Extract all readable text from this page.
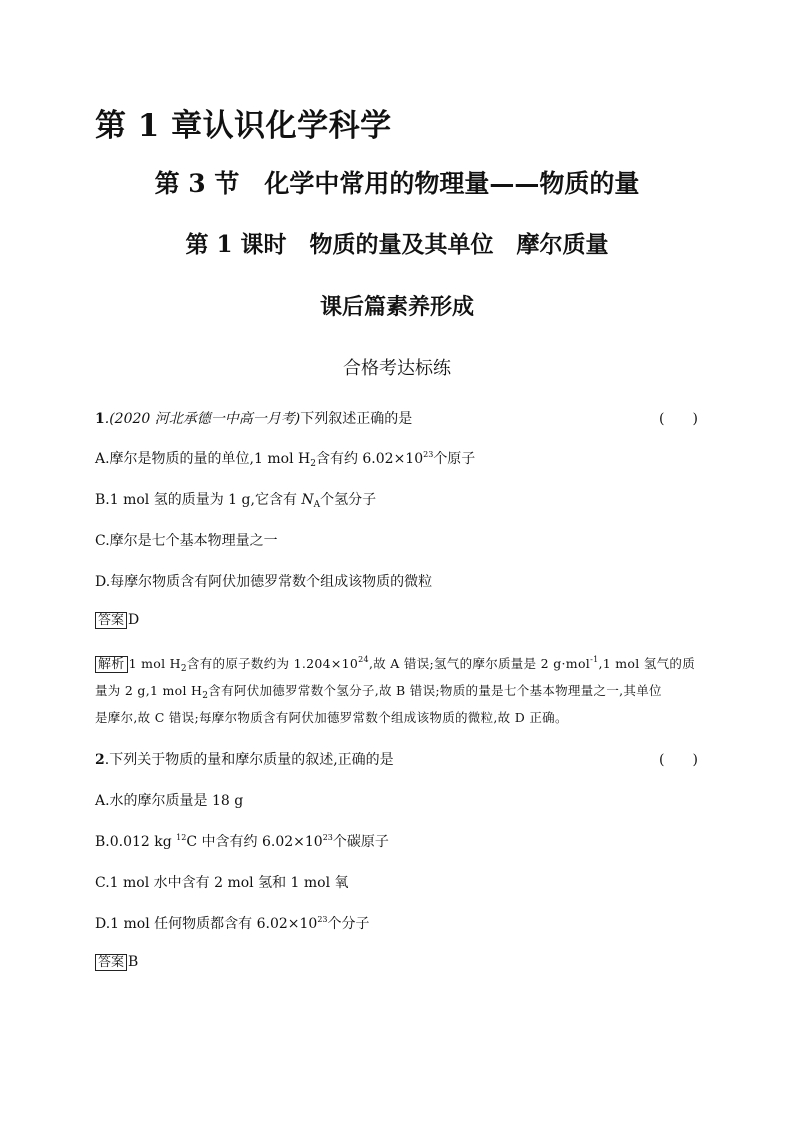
第 1 章认识化学科学
第 3 节　化学中常用的物理量——物质的量
第 1 课时　物质的量及其单位　摩尔质量
课后篇素养形成
合格考达标练
1.(2020 河北承德一中高一月考)下列叙述正确的是	(　　)
A.摩尔是物质的量的单位,1 mol $H_2$含有约 $6.02\times 10^{23}$个原子
B.1 mol 氢的质量为 1 g,它含有 $N_A$个氢分子
C.摩尔是七个基本物理量之一
D.每摩尔物质含有阿伏加德罗常数个组成该物质的微粒
答案 D
解析 1 mol $H_2$含有的原子数约为 $1.204\times 10^{24}$,故 A 错误;氢气的摩尔质量是 2 g·mol$^{-1}$,1 mol 氢气的质
量为 2 g,1 mol $H_2$含有阿伏加德罗常数个氢分子,故 B 错误;物质的量是七个基本物理量之一,其单位
是摩尔,故 C 错误;每摩尔物质含有阿伏加德罗常数个组成该物质的微粒,故 D 正确。
2.下列关于物质的量和摩尔质量的叙述,正确的是	(　　)
A.水的摩尔质量是 18 g
B.0.012 kg $^{12}$C 中含有约 $6.02\times 10^{23}$个碳原子
C.1 mol 水中含有 2 mol 氢和 1 mol 氧
D.1 mol 任何物质都含有 $6.02\times 10^{23}$个分子
答案 B
